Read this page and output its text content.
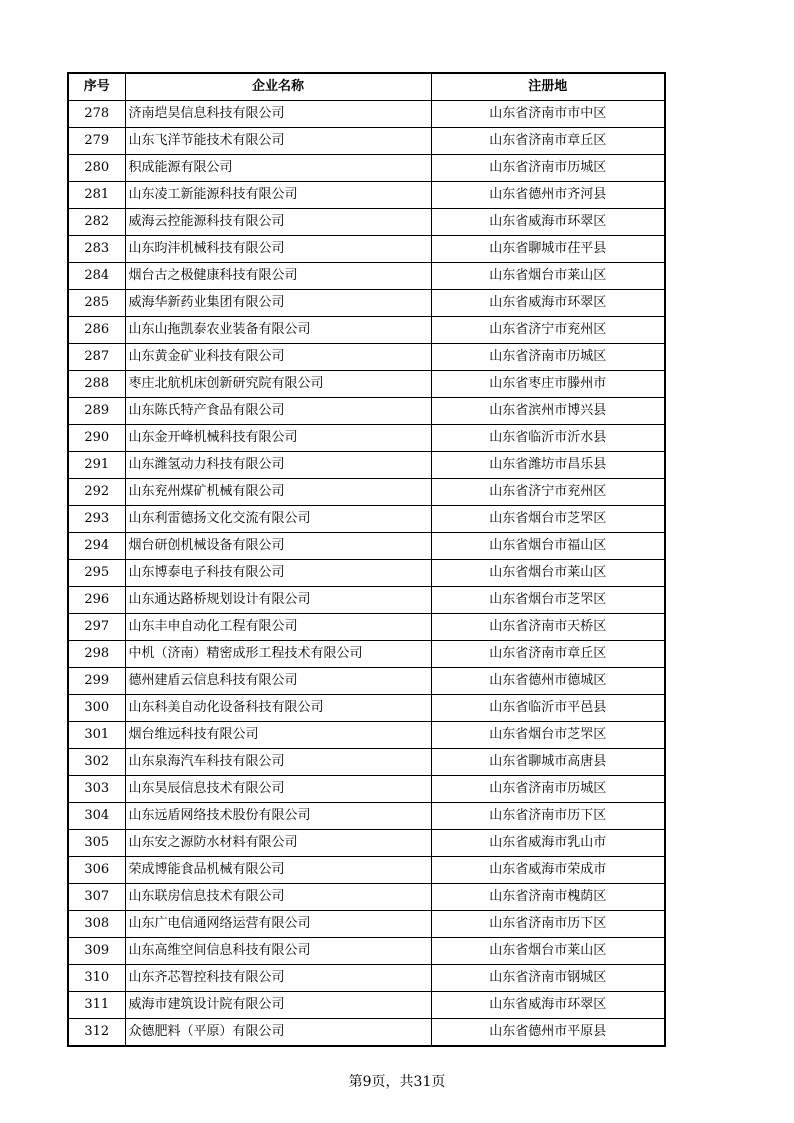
序号	企业名称	注册地
278	济南垲昊信息科技有限公司	山东省济南市市中区
279	山东飞洋节能技术有限公司	山东省济南市章丘区
280	积成能源有限公司	山东省济南市历城区
281	山东凌工新能源科技有限公司	山东省德州市齐河县
282	威海云控能源科技有限公司	山东省威海市环翠区
283	山东昀沣机械科技有限公司	山东省聊城市茌平县
284	烟台古之极健康科技有限公司	山东省烟台市莱山区
285	威海华新药业集团有限公司	山东省威海市环翠区
286	山东山拖凯泰农业装备有限公司	山东省济宁市兖州区
287	山东黄金矿业科技有限公司	山东省济南市历城区
288	枣庄北航机床创新研究院有限公司	山东省枣庄市滕州市
289	山东陈氏特产食品有限公司	山东省滨州市博兴县
290	山东金开峰机械科技有限公司	山东省临沂市沂水县
291	山东潍氢动力科技有限公司	山东省潍坊市昌乐县
292	山东兖州煤矿机械有限公司	山东省济宁市兖州区
293	山东利雷德扬文化交流有限公司	山东省烟台市芝罘区
294	烟台研创机械设备有限公司	山东省烟台市福山区
295	山东博泰电子科技有限公司	山东省烟台市莱山区
296	山东通达路桥规划设计有限公司	山东省烟台市芝罘区
297	山东丰申自动化工程有限公司	山东省济南市天桥区
298	中机（济南）精密成形工程技术有限公司	山东省济南市章丘区
299	德州建盾云信息科技有限公司	山东省德州市德城区
300	山东科美自动化设备科技有限公司	山东省临沂市平邑县
301	烟台维远科技有限公司	山东省烟台市芝罘区
302	山东泉海汽车科技有限公司	山东省聊城市高唐县
303	山东昊辰信息技术有限公司	山东省济南市历城区
304	山东远盾网络技术股份有限公司	山东省济南市历下区
305	山东安之源防水材料有限公司	山东省威海市乳山市
306	荣成博能食品机械有限公司	山东省威海市荣成市
307	山东联房信息技术有限公司	山东省济南市槐荫区
308	山东广电信通网络运营有限公司	山东省济南市历下区
309	山东高维空间信息科技有限公司	山东省烟台市莱山区
310	山东齐芯智控科技有限公司	山东省济南市钢城区
311	威海市建筑设计院有限公司	山东省威海市环翠区
312	众德肥料（平原）有限公司	山东省德州市平原县
第9页，共31页
